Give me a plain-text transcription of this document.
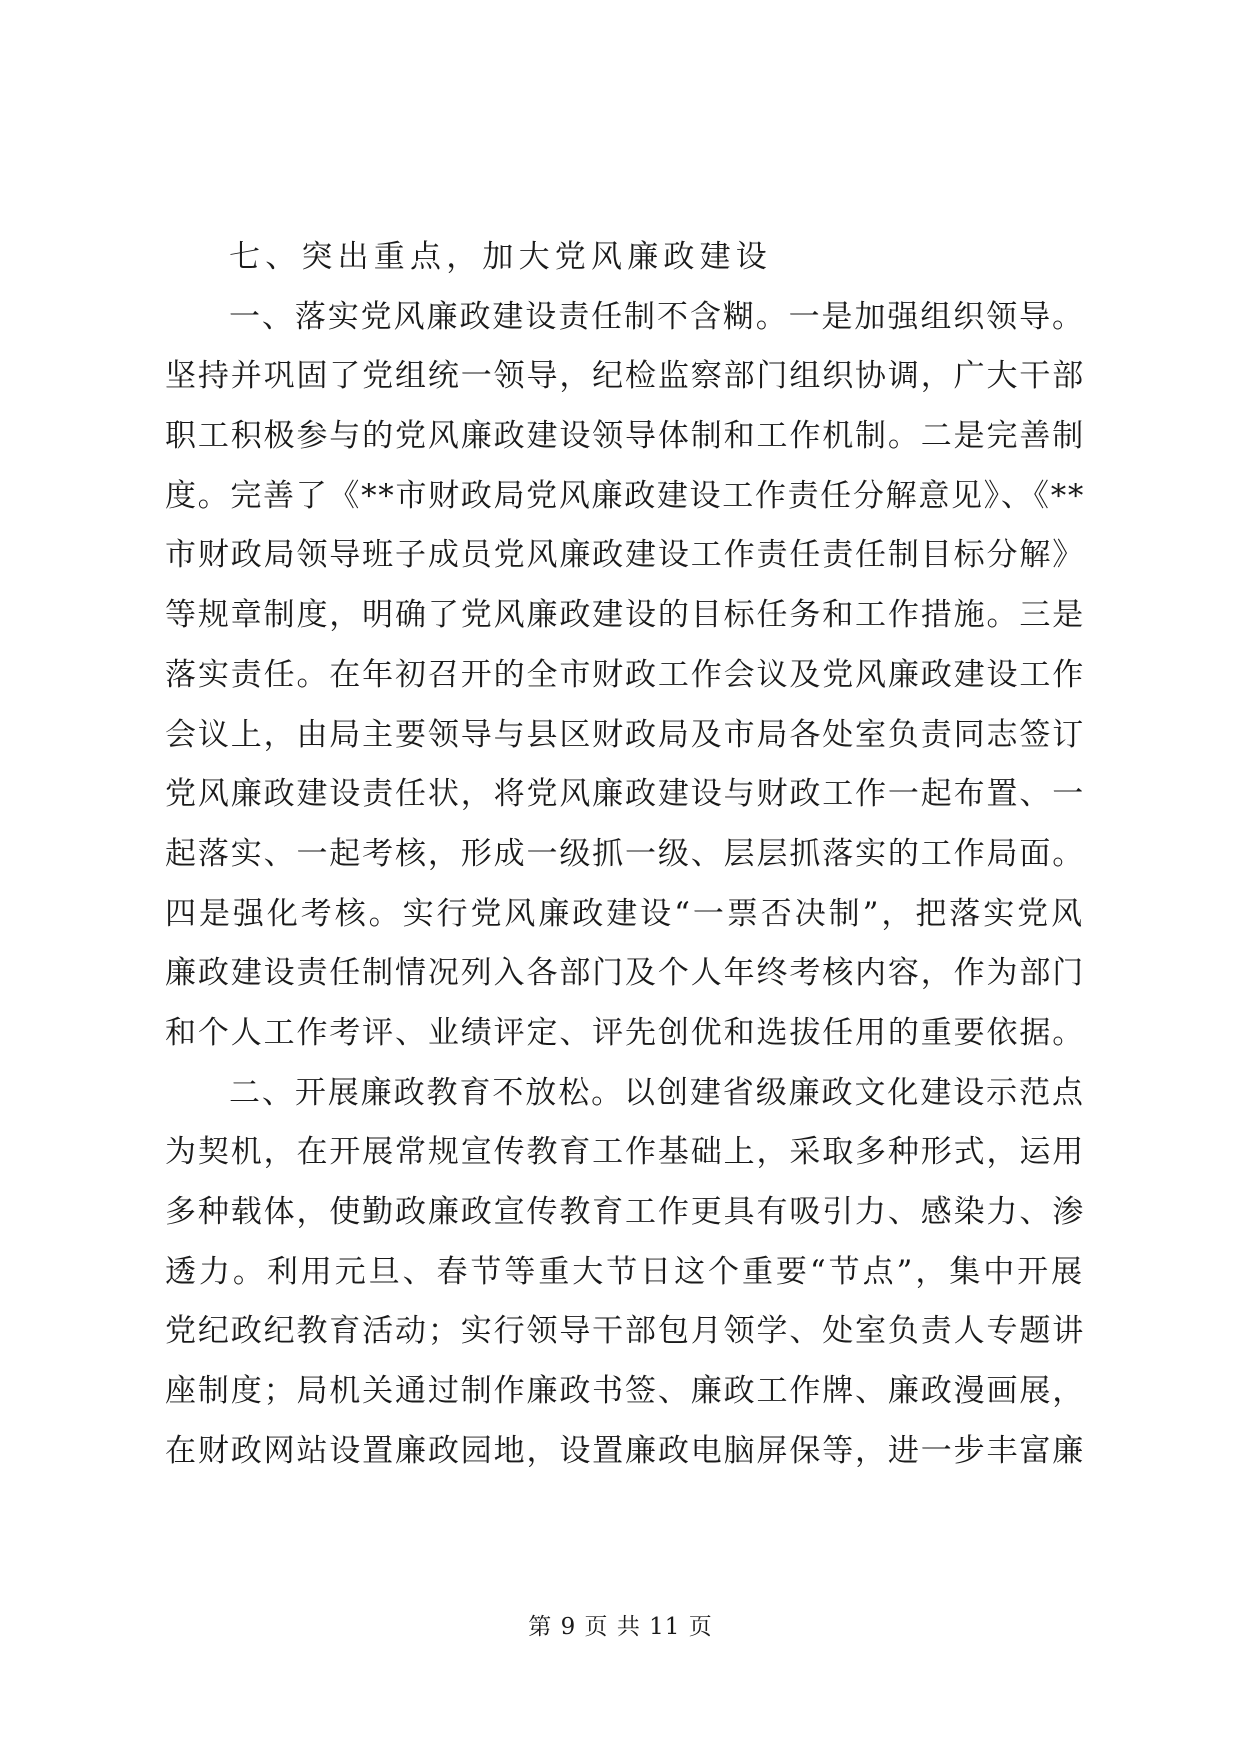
七、突出重点，加大党风廉政建设
一、落实党风廉政建设责任制不含糊。一是加强组织领导。
坚持并巩固了党组统一领导，纪检监察部门组织协调，广大干部
职工积极参与的党风廉政建设领导体制和工作机制。二是完善制
度。完善了《**市财政局党风廉政建设工作责任分解意见》、《**
市财政局领导班子成员党风廉政建设工作责任责任制目标分解》
等规章制度，明确了党风廉政建设的目标任务和工作措施。三是
落实责任。在年初召开的全市财政工作会议及党风廉政建设工作
会议上，由局主要领导与县区财政局及市局各处室负责同志签订
党风廉政建设责任状，将党风廉政建设与财政工作一起布置、一
起落实、一起考核，形成一级抓一级、层层抓落实的工作局面。
四是强化考核。实行党风廉政建设“一票否决制”，把落实党风
廉政建设责任制情况列入各部门及个人年终考核内容，作为部门
和个人工作考评、业绩评定、评先创优和选拔任用的重要依据。
二、开展廉政教育不放松。以创建省级廉政文化建设示范点
为契机，在开展常规宣传教育工作基础上，采取多种形式，运用
多种载体，使勤政廉政宣传教育工作更具有吸引力、感染力、渗
透力。利用元旦、春节等重大节日这个重要“节点”，集中开展
党纪政纪教育活动；实行领导干部包月领学、处室负责人专题讲
座制度；局机关通过制作廉政书签、廉政工作牌、廉政漫画展，
在财政网站设置廉政园地，设置廉政电脑屏保等，进一步丰富廉
第 9 页 共 11 页
